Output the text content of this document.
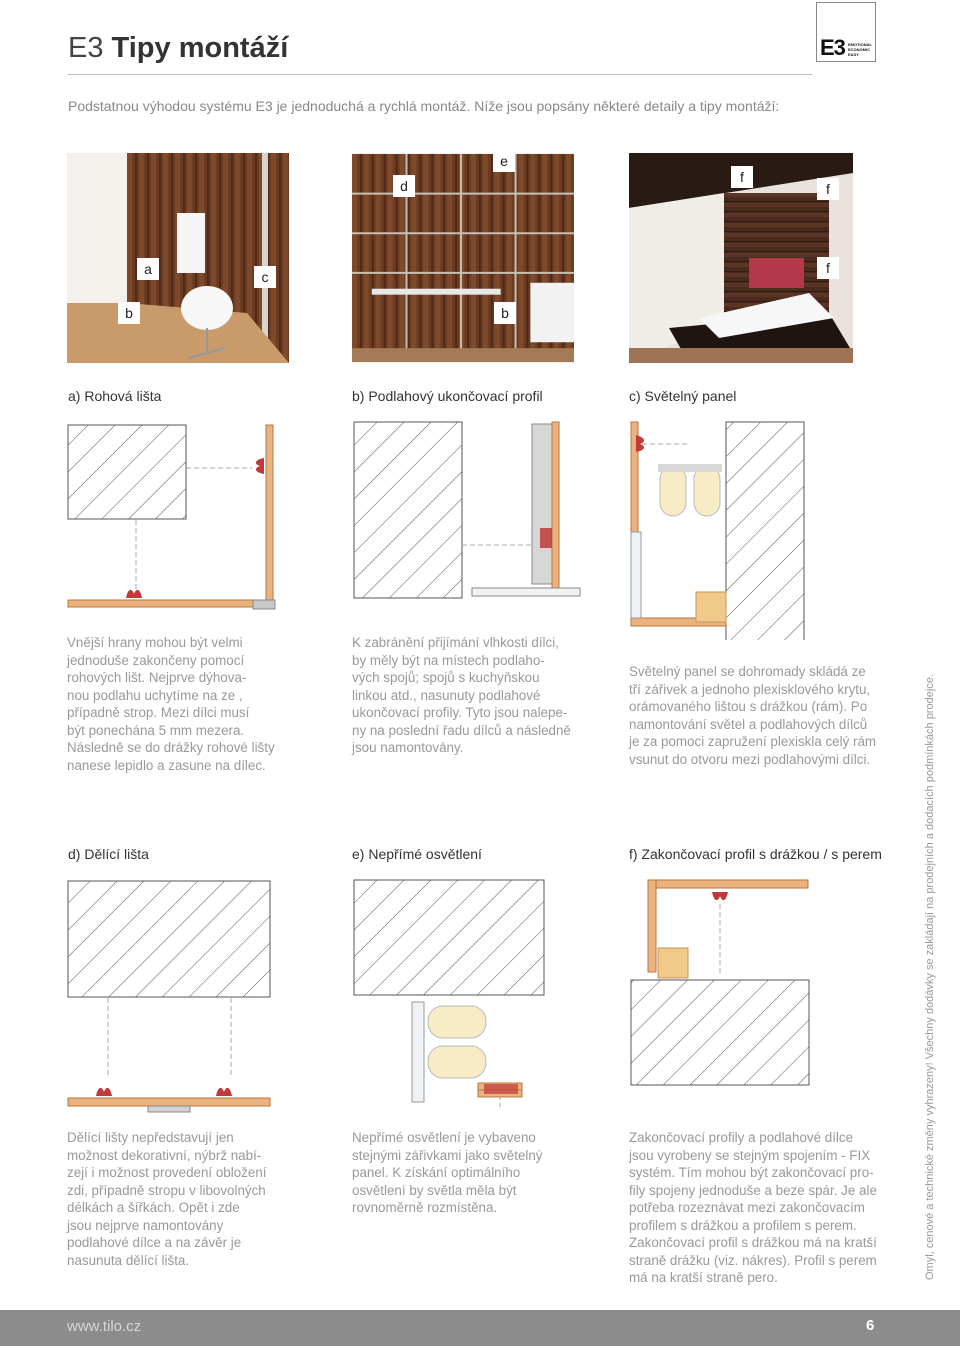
E3 Tipy montáží	E3 EMOTIONAL
ECONOMIC
EASY
Podstatnou výhodou systému E3 je jednoduchá a rychlá montáž. Níže jsou popsány některé detaily a tipy montáží:
a	c
b
d
e
b
f
f
f
a) Rohová lišta	b) Podlahový ukončovací profil	c) Světelný panel
Vnější hrany mohou být velmi
jednoduše zakončeny pomocí
rohových lišt. Nejprve dýhova-
nou podlahu uchytíme na ze ,
případně strop. Mezi dílci musí
být ponechána 5 mm mezera.
Následně se do drážky rohové lišty
nanese lepidlo a zasune na dílec.
K zabránění přijímání vlhkosti dílci,
by měly být na místech podlaho-
vých spojů; spojů s kuchyňskou
linkou atd., nasunuty podlahové
ukončovací profily. Tyto jsou nalepe-
ny na poslední řadu dílců a následně
jsou namontovány.
Světelný panel se dohromady skládá ze
tří zářivek a jednoho plexisklového krytu,
orámovaného lištou s drážkou (rám). Po
namontování světel a podlahových dílců
je za pomoci zapružení plexiskla celý rám
vsunut do otvoru mezi podlahovými dílci.
d) Dělící lišta	e) Nepřímé osvětlení	f) Zakončovací profil s drážkou / s perem
Dělící lišty nepředstavují jen
možnost dekorativní, nýbrž nabí-
zejí i možnost provedení obložení
zdi, případně stropu v libovolných
délkách a šířkách. Opět i zde
jsou nejprve namontovány
podlahové dílce a na závěr je
nasunuta dělící lišta.
Nepřímé osvětlení je vybaveno
stejnými zářivkami jako světelný
panel. K získání optimálního
osvětlení by světla měla být
rovnoměrně rozmístěna.
Zakončovací profily a podlahové dílce
jsou vyrobeny se stejným spojením - FIX
systém. Tím mohou být zakončovací pro-
fily spojeny jednoduše a beze spár. Je ale
potřeba rozeznávat mezi zakončovacím
profilem s drážkou a profilem s perem.
Zakončovací profil s drážkou má na kratší
straně drážku (viz. nákres). Profil s perem
má na kratší straně pero.	Omyl, cenové a technické změny vyhrazeny! Všechny dodávky se zakládají na prodejních a dodacích podmínkách prodejce.
www.tilo.cz	6
